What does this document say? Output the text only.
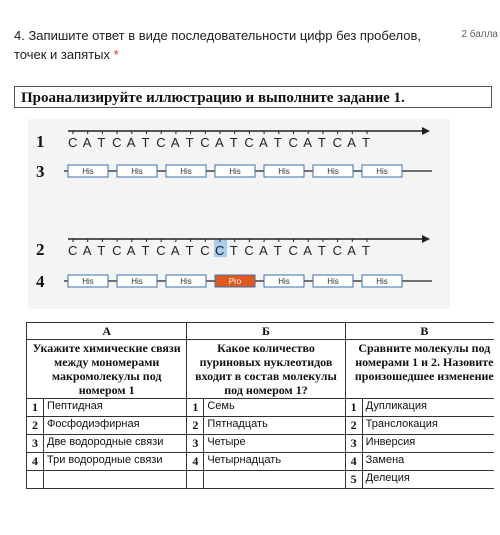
4. Запишите ответ в виде последовательности цифр без пробелов, точек и запятых *
2 балла
Проанализируйте иллюстрацию и выполните задание 1.
1 C A T C A T C A T C A T C A T C A T C A T
3	His	His	His	His	His	His	His
2 C A T C A T C A T C C T C A T C A T C A T
4	His	His	His	Pro	His	His	His
А		Б		В	
Укажите химические связи между мономерами макромолекулы под номером 1		Какое количество пуриновых нуклеотидов входит в состав молекулы под номером 1?		Сравните молекулы под номерами 1 и 2. Назовите произошедшее изменение	
1	Пептидная	1	Семь	1	Дупликация
2	Фосфодиэфирная	2	Пятнадцать	2	Транслокация
3	Две водородные связи	3	Четыре	3	Инверсия
4	Три водородные связи	4	Четырнадцать	4	Замена
				5	Делеция
